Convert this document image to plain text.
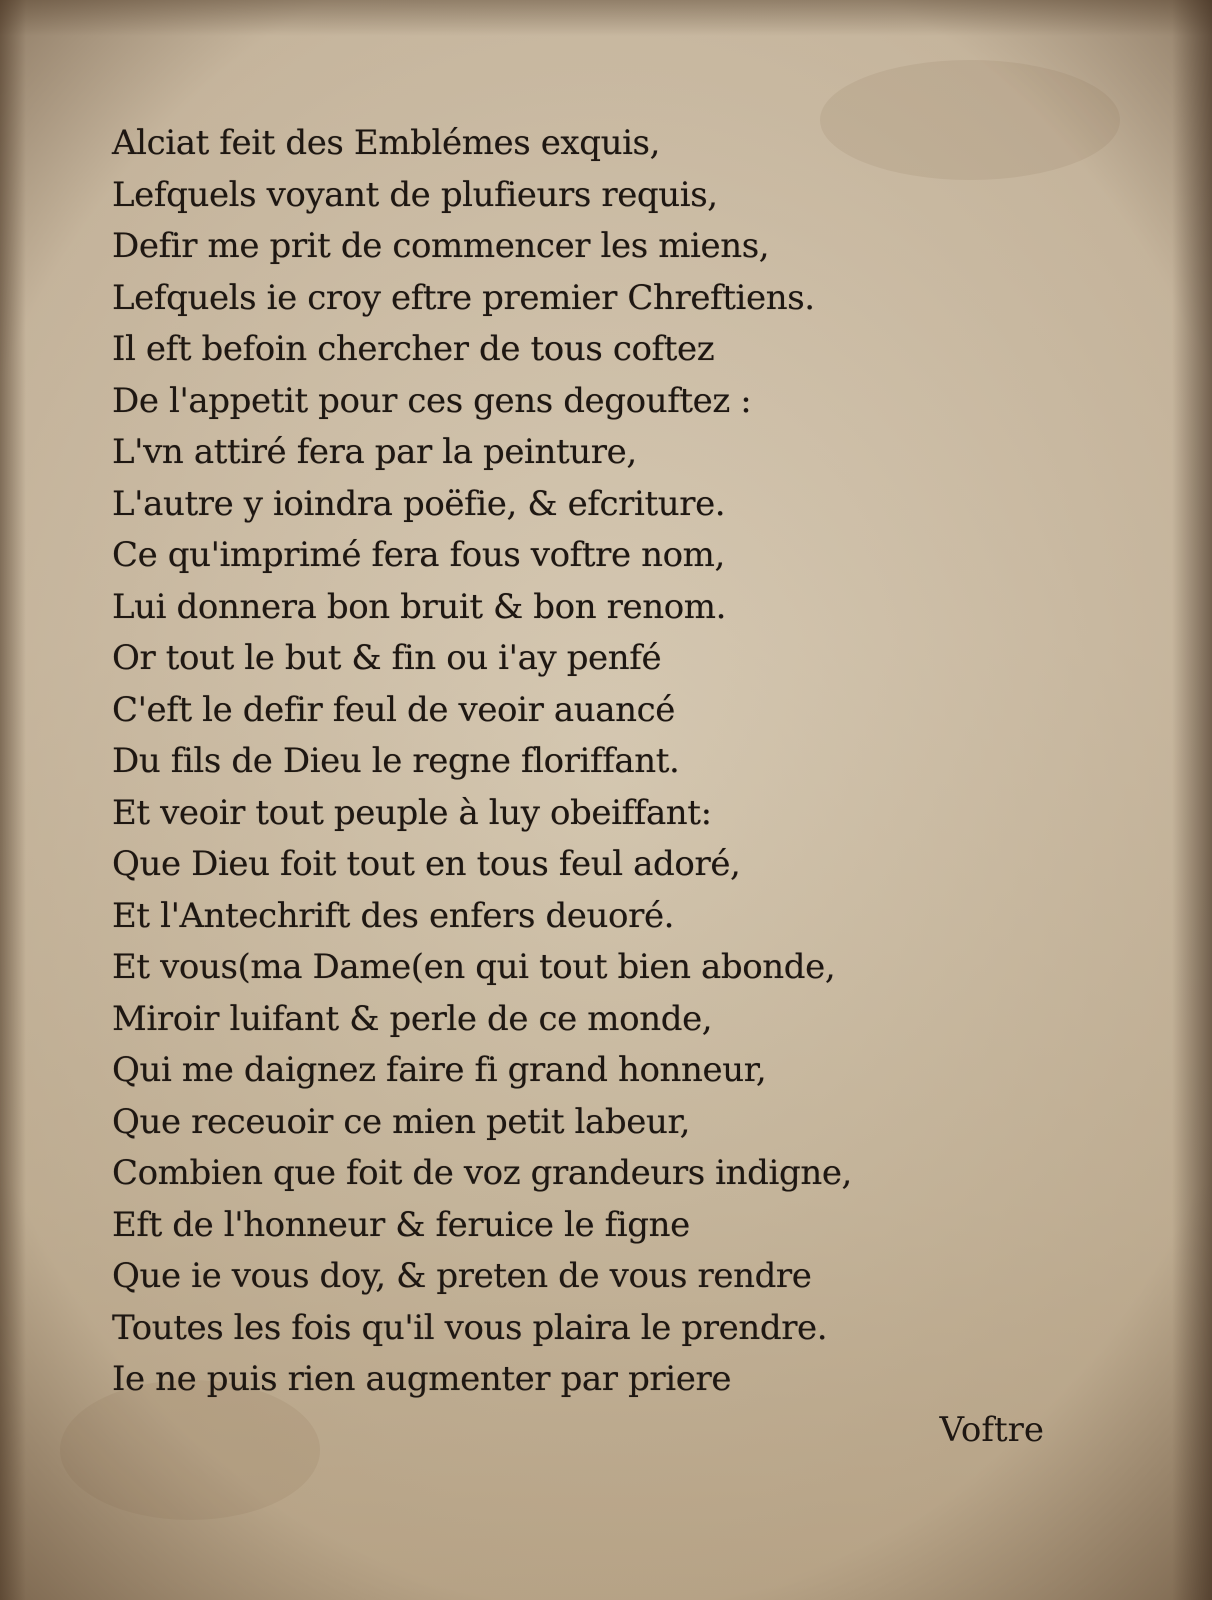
Alciat feit des Emblémes exquis,
Lefquels voyant de plufieurs requis,
Defir me prit de commencer les miens,
Lefquels ie croy eftre premier Chreftiens.
Il eft befoin chercher de tous coftez
De l'appetit pour ces gens degouftez :
L'vn attiré fera par la peinture,
L'autre y ioindra poëfie, & efcriture.
Ce qu'imprimé fera fous voftre nom,
Lui donnera bon bruit & bon renom.
Or tout le but & fin ou i'ay penfé
C'eft le defir feul de veoir auancé
Du fils de Dieu le regne floriffant.
Et veoir tout peuple à luy obeiffant:
Que Dieu foit tout en tous feul adoré,
Et l'Antechrift des enfers deuoré.
Et vous(ma Dame(en qui tout bien abonde,
Miroir luifant & perle de ce monde,
Qui me daignez faire fi grand honneur,
Que receuoir ce mien petit labeur,
Combien que foit de voz grandeurs indigne,
Eft de l'honneur & feruice le figne
Que ie vous doy, & preten de vous rendre
Toutes les fois qu'il vous plaira le prendre.
Ie ne puis rien augmenter par priere
Voftre
